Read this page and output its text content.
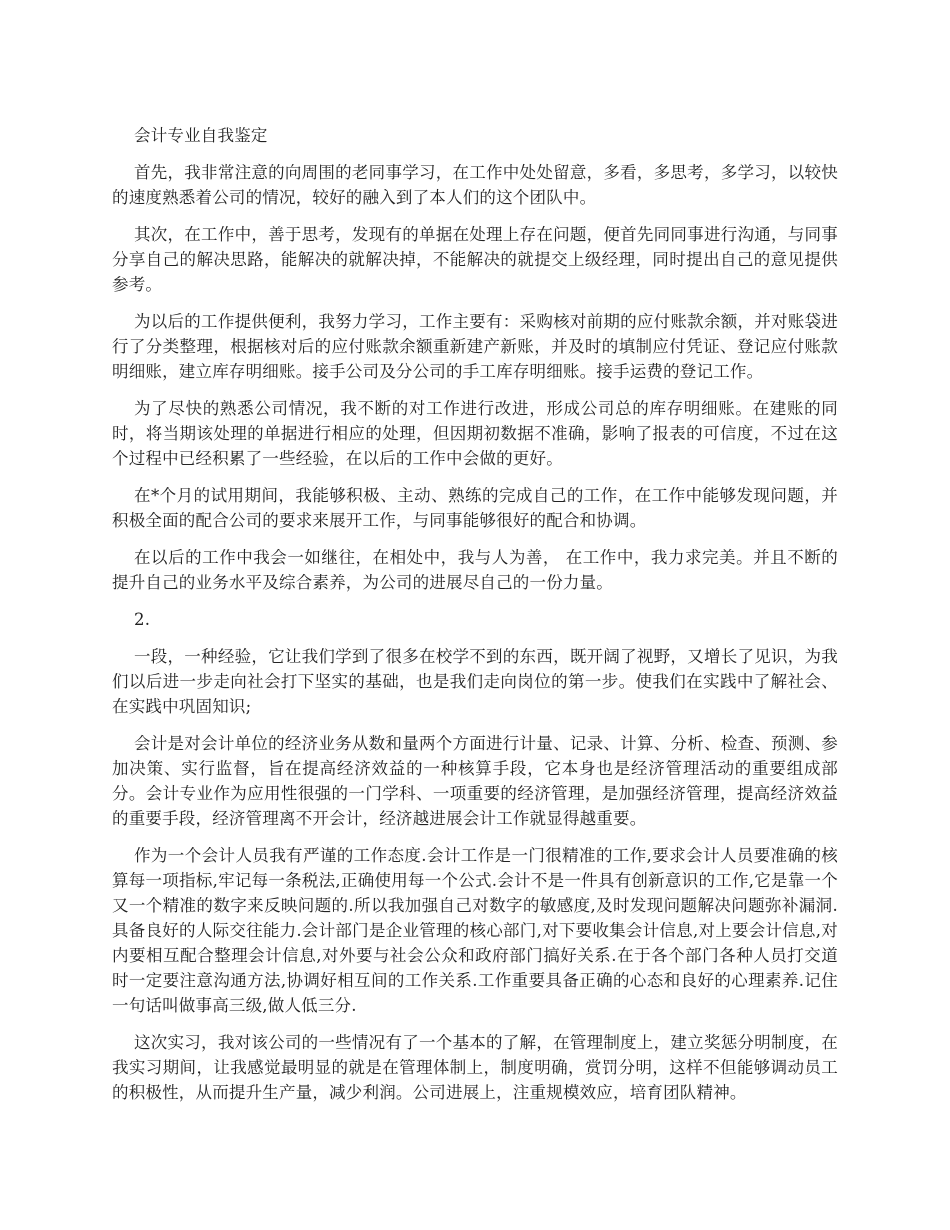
会计专业自我鉴定

首先，我非常注意的向周围的老同事学习，在工作中处处留意，多看，多思考，多学习，以较快的速度熟悉着公司的情况，较好的融入到了本人们的这个团队中。

其次，在工作中，善于思考，发现有的单据在处理上存在问题，便首先同同事进行沟通，与同事分享自己的解决思路，能解决的就解决掉，不能解决的就提交上级经理，同时提出自己的意见提供参考。

为以后的工作提供便利，我努力学习，工作主要有：采购核对前期的应付账款余额，并对账袋进行了分类整理，根据核对后的应付账款余额重新建产新账，并及时的填制应付凭证、登记应付账款明细账，建立库存明细账。接手公司及分公司的手工库存明细账。接手运费的登记工作。

为了尽快的熟悉公司情况，我不断的对工作进行改进，形成公司总的库存明细账。在建账的同时，将当期该处理的单据进行相应的处理，但因期初数据不准确，影响了报表的可信度，不过在这个过程中已经积累了一些经验，在以后的工作中会做的更好。

在*个月的试用期间，我能够积极、主动、熟练的完成自己的工作，在工作中能够发现问题，并积极全面的配合公司的要求来展开工作，与同事能够很好的配合和协调。

在以后的工作中我会一如继往，在相处中，我与人为善， 在工作中，我力求完美。并且不断的提升自己的业务水平及综合素养，为公司的进展尽自己的一份力量。

2.

一段，一种经验，它让我们学到了很多在校学不到的东西，既开阔了视野，又增长了见识，为我们以后进一步走向社会打下坚实的基础，也是我们走向岗位的第一步。使我们在实践中了解社会、在实践中巩固知识;

会计是对会计单位的经济业务从数和量两个方面进行计量、记录、计算、分析、检查、预测、参加决策、实行监督，旨在提高经济效益的一种核算手段，它本身也是经济管理活动的重要组成部分。会计专业作为应用性很强的一门学科、一项重要的经济管理，是加强经济管理，提高经济效益的重要手段，经济管理离不开会计，经济越进展会计工作就显得越重要。

作为一个会计人员我有严谨的工作态度.会计工作是一门很精准的工作,要求会计人员要准确的核算每一项指标,牢记每一条税法,正确使用每一个公式.会计不是一件具有创新意识的工作,它是靠一个又一个精准的数字来反映问题的.所以我加强自己对数字的敏感度,及时发现问题解决问题弥补漏洞.具备良好的人际交往能力.会计部门是企业管理的核心部门,对下要收集会计信息,对上要会计信息,对内要相互配合整理会计信息,对外要与社会公众和政府部门搞好关系.在于各个部门各种人员打交道时一定要注意沟通方法,协调好相互间的工作关系.工作重要具备正确的心态和良好的心理素养.记住一句话叫做事高三级,做人低三分.

这次实习，我对该公司的一些情况有了一个基本的了解，在管理制度上，建立奖惩分明制度，在我实习期间，让我感觉最明显的就是在管理体制上，制度明确，赏罚分明，这样不但能够调动员工的积极性，从而提升生产量，减少利润。公司进展上，注重规模效应，培育团队精神。
